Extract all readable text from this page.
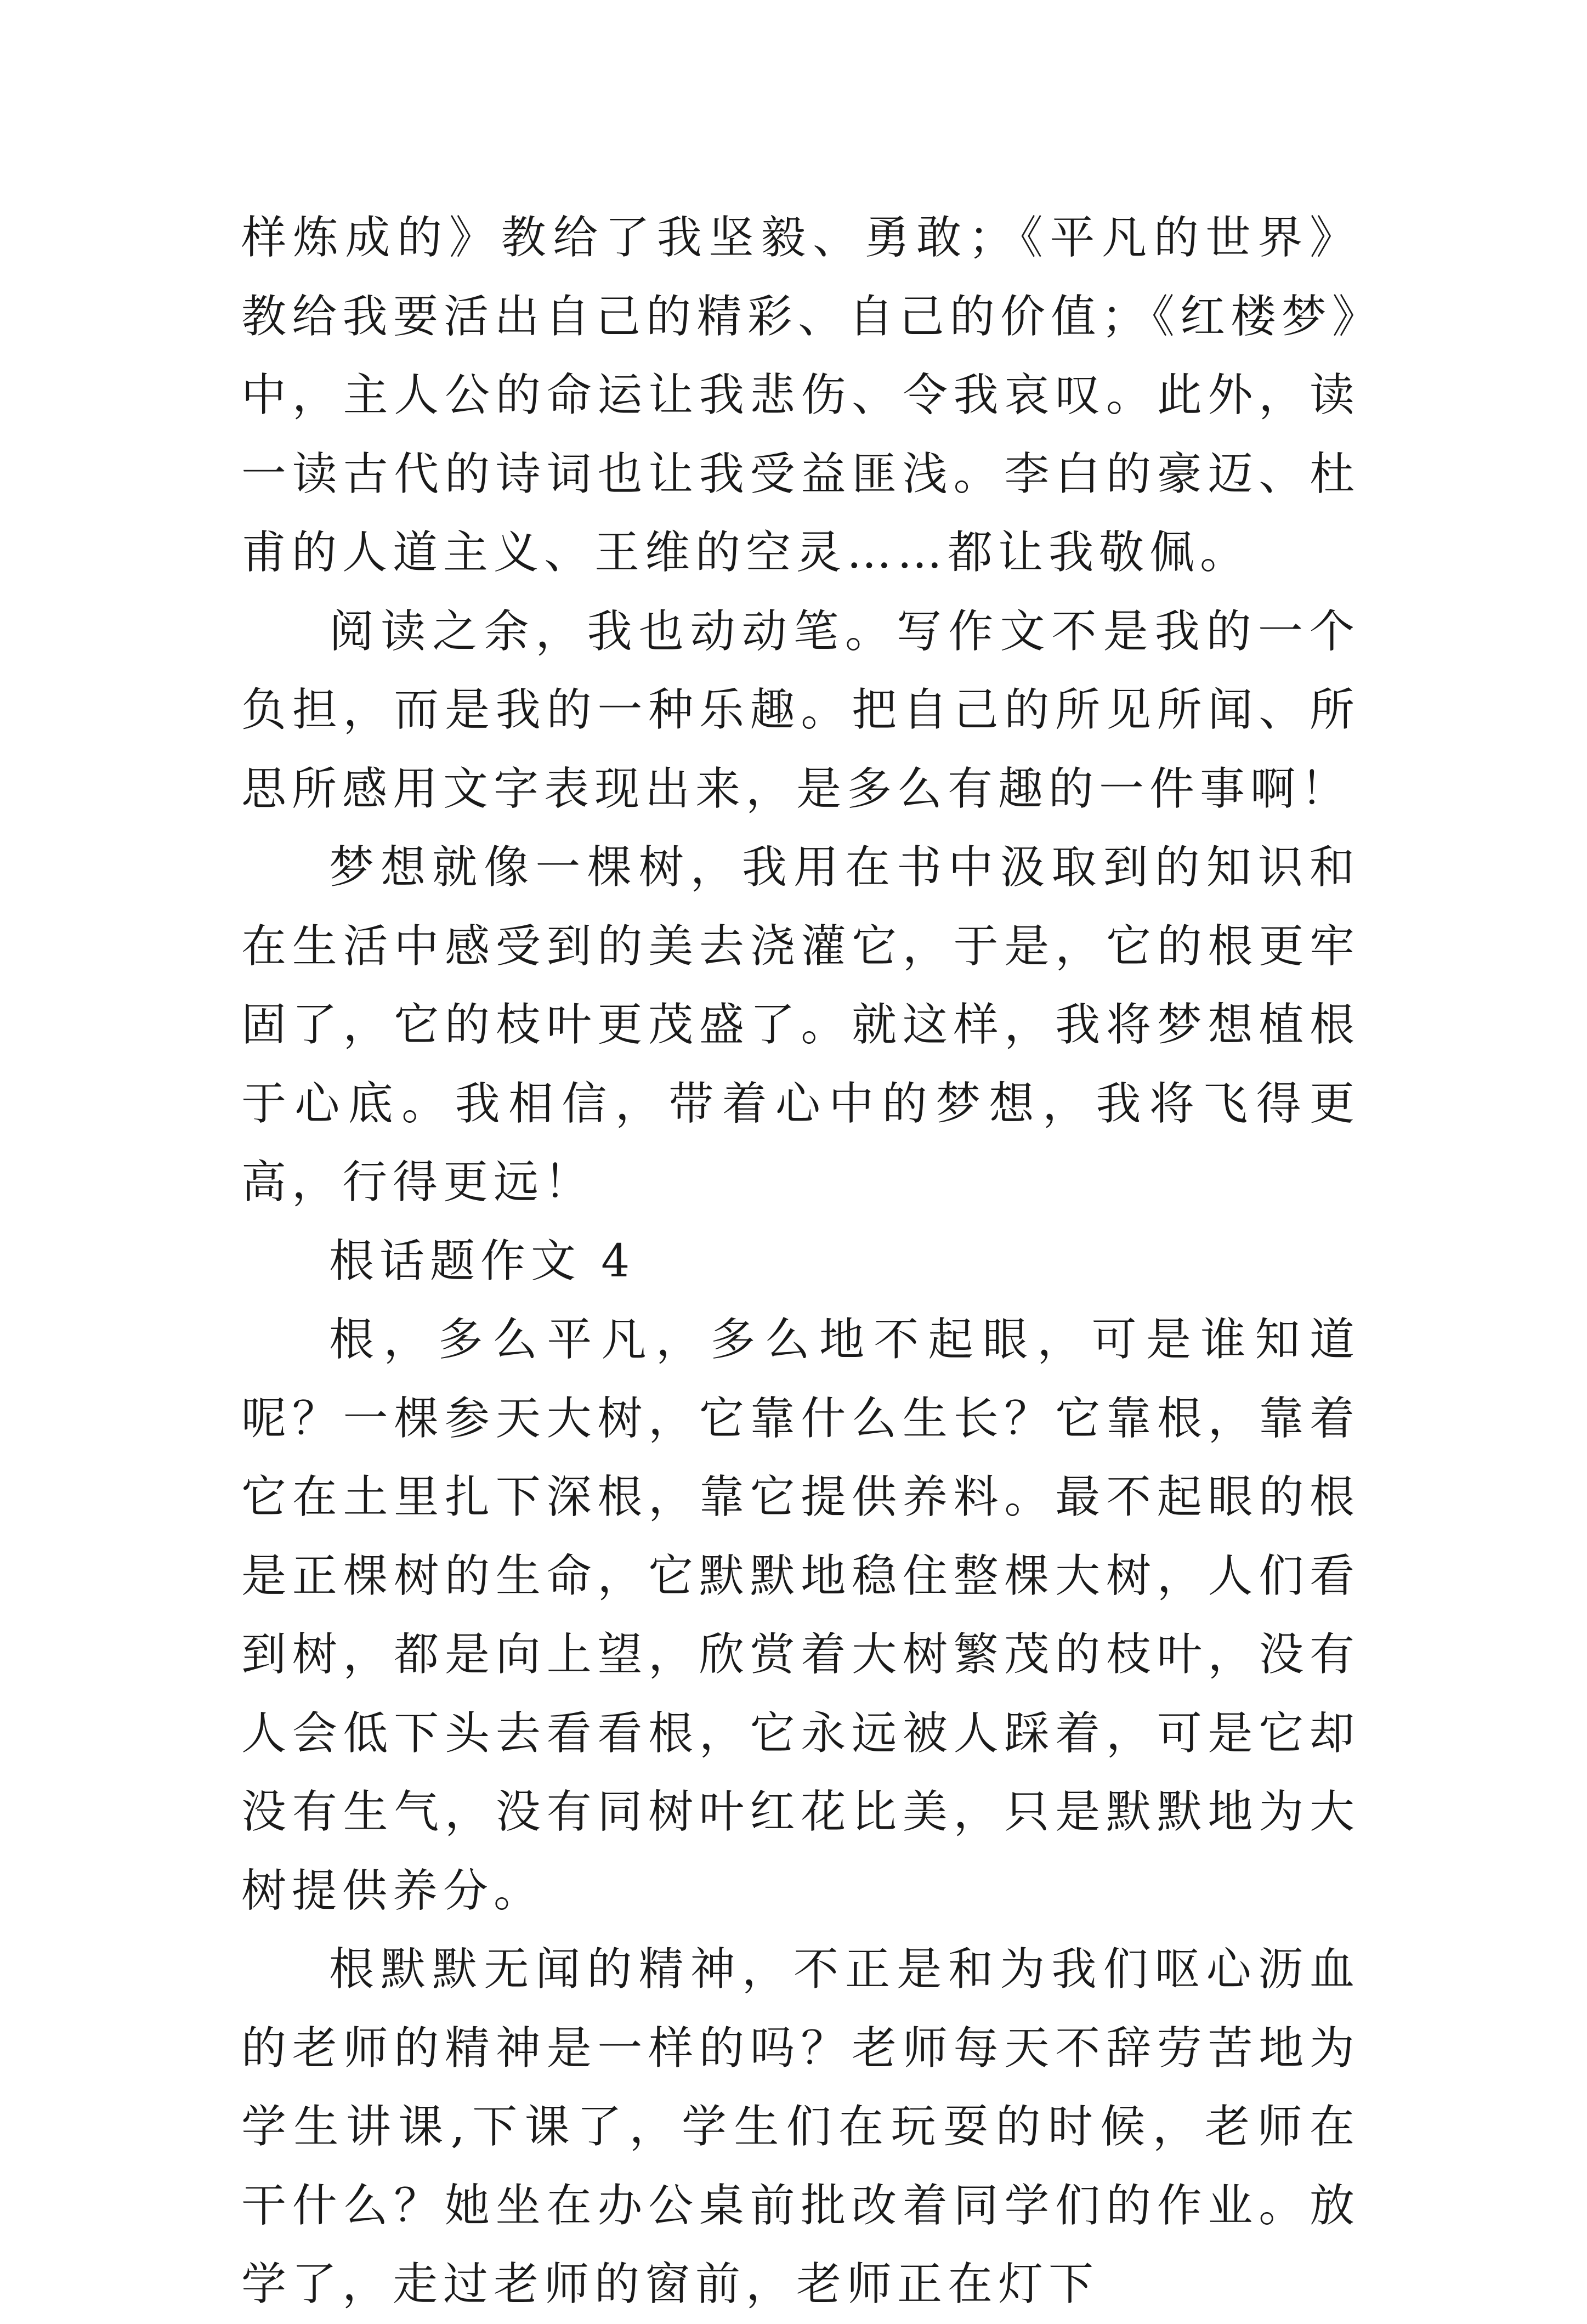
样炼成的》教给了我坚毅、勇敢；《平凡的世界》教给我要活出自己的精彩、自己的价值；《红楼梦》中，主人公的命运让我悲伤、令我哀叹。此外，读一读古代的诗词也让我受益匪浅。李白的豪迈、杜甫的人道主义、王维的空灵……都让我敬佩。

阅读之余，我也动动笔。写作文不是我的一个负担，而是我的一种乐趣。把自己的所见所闻、所思所感用文字表现出来，是多么有趣的一件事啊！

梦想就像一棵树，我用在书中汲取到的知识和在生活中感受到的美去浇灌它，于是，它的根更牢固了，它的枝叶更茂盛了。就这样，我将梦想植根于心底。我相信，带着心中的梦想，我将飞得更高，行得更远！

根话题作文 4

根，多么平凡，多么地不起眼，可是谁知道呢？一棵参天大树，它靠什么生长？它靠根，靠着它在土里扎下深根，靠它提供养料。最不起眼的根是正棵树的生命，它默默地稳住整棵大树，人们看到树，都是向上望，欣赏着大树繁茂的枝叶，没有人会低下头去看看根，它永远被人踩着，可是它却没有生气，没有同树叶红花比美，只是默默地为大树提供养分。

根默默无闻的精神，不正是和为我们呕心沥血的老师的精神是一样的吗？老师每天不辞劳苦地为学生讲课,下课了，学生们在玩耍的时候，老师在干什么？她坐在办公桌前批改着同学们的作业。放学了，走过老师的窗前，老师正在灯下
